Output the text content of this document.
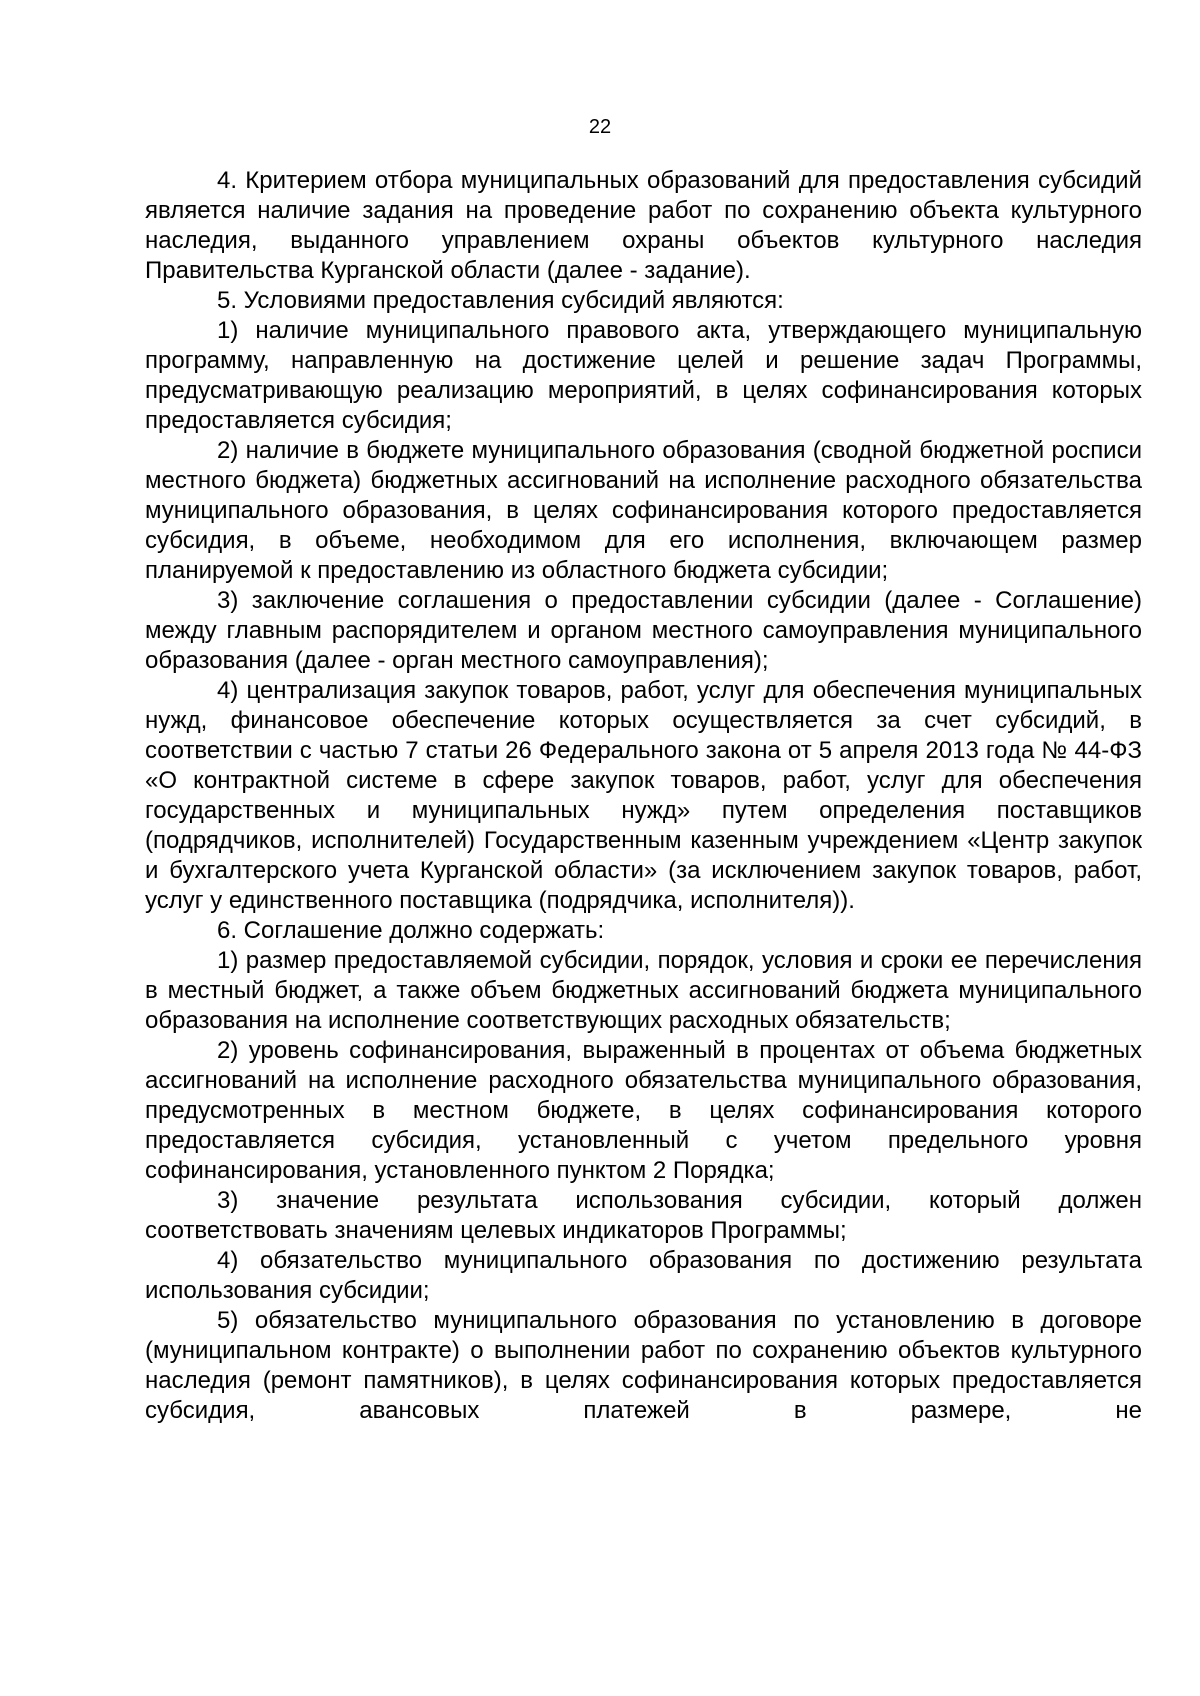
22

4. Критерием отбора муниципальных образований для предоставления субсидий является наличие задания на проведение работ по сохранению объекта культурного наследия, выданного управлением охраны объектов культурного наследия Правительства Курганской области (далее - задание).

5. Условиями предоставления субсидий являются:

1) наличие муниципального правового акта, утверждающего муниципальную программу, направленную на достижение целей и решение задач Программы, предусматривающую реализацию мероприятий, в целях софинансирования которых предоставляется субсидия;

2) наличие в бюджете муниципального образования (сводной бюджетной росписи местного бюджета) бюджетных ассигнований на исполнение расходного обязательства муниципального образования, в целях софинансирования которого предоставляется субсидия, в объеме, необходимом для его исполнения, включающем размер планируемой к предоставлению из областного бюджета субсидии;

3) заключение соглашения о предоставлении субсидии (далее - Соглашение) между главным распорядителем и органом местного самоуправления муниципального образования (далее - орган местного самоуправления);

4) централизация закупок товаров, работ, услуг для обеспечения муниципальных нужд, финансовое обеспечение которых осуществляется за счет субсидий, в соответствии с частью 7 статьи 26 Федерального закона от 5 апреля 2013 года № 44-ФЗ «О контрактной системе в сфере закупок товаров, работ, услуг для обеспечения государственных и муниципальных нужд» путем определения поставщиков (подрядчиков, исполнителей) Государственным казенным учреждением «Центр закупок и бухгалтерского учета Курганской области» (за исключением закупок товаров, работ, услуг у единственного поставщика (подрядчика, исполнителя)).

6. Соглашение должно содержать:

1) размер предоставляемой субсидии, порядок, условия и сроки ее перечисления в местный бюджет, а также объем бюджетных ассигнований бюджета муниципального образования на исполнение соответствующих расходных обязательств;

2) уровень софинансирования, выраженный в процентах от объема бюджетных ассигнований на исполнение расходного обязательства муниципального образования, предусмотренных в местном бюджете, в целях софинансирования которого предоставляется субсидия, установленный с учетом предельного уровня софинансирования, установленного пунктом 2 Порядка;

3) значение результата использования субсидии, который должен соответствовать значениям целевых индикаторов Программы;

4) обязательство муниципального образования по достижению результата использования субсидии;

5) обязательство муниципального образования по установлению в договоре (муниципальном контракте) о выполнении работ по сохранению объектов культурного наследия (ремонт памятников), в целях софинансирования которых предоставляется субсидия, авансовых платежей в размере, не
